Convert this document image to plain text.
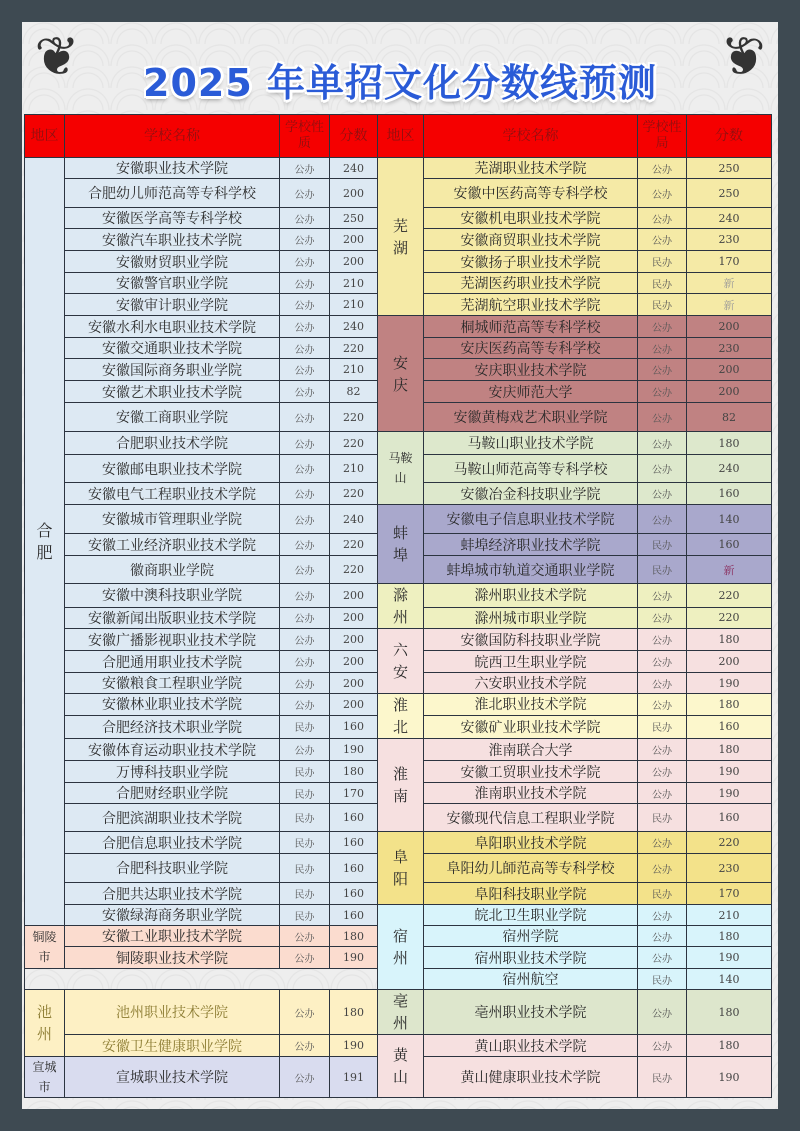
❦	❦
2025 年单招文化分数线预测
地区	学校名称	学校性质	分数	地区	学校名称	学校性局	分数
合肥	安徽职业技术学院	公办	240	芜湖	芜湖职业技术学院	公办	250
	合肥幼儿师范高等专科学校	公办	200		安徽中医药高等专科学校	公办	250
	安徽医学高等专科学校	公办	250		安徽机电职业技术学院	公办	240
	安徽汽车职业技术学院	公办	200		安徽商贸职业技术学院	公办	230
	安徽财贸职业学院	公办	200		安徽扬子职业技术学院	民办	170
	安徽警官职业学院	公办	210		芜湖医药职业技术学院	民办	新
	安徽审计职业学院	公办	210		芜湖航空职业技术学院	民办	新
	安徽水利水电职业技术学院	公办	240	安庆	桐城师范高等专科学校	公办	200
	安徽交通职业技术学院	公办	220		安庆医药高等专科学校	公办	230
	安徽国际商务职业学院	公办	210		安庆职业技术学院	公办	200
	安徽艺术职业技术学院	公办	82		安庆师范大学	公办	200
	安徽工商职业学院	公办	220		安徽黄梅戏艺术职业学院	公办	82
	合肥职业技术学院	公办	220	马鞍山	马鞍山职业技术学院	公办	180
	安徽邮电职业技术学院	公办	210		马鞍山师范高等专科学校	公办	240
	安徽电气工程职业技术学院	公办	220		安徽冶金科技职业学院	公办	160
	安徽城市管理职业学院	公办	240	蚌埠	安徽电子信息职业技术学院	公办	140
	安徽工业经济职业技术学院	公办	220		蚌埠经济职业技术学院	民办	160
	徽商职业学院	公办	220		蚌埠城市轨道交通职业学院	民办	新
	安徽中澳科技职业学院	公办	200	滁州	滁州职业技术学院	公办	220
	安徽新闻出版职业技术学院	公办	200		滁州城市职业学院	公办	220
	安徽广播影视职业技术学院	公办	200	六安	安徽国防科技职业学院	公办	180
	合肥通用职业技术学院	公办	200		皖西卫生职业学院	公办	200
	安徽粮食工程职业学院	公办	200		六安职业技术学院	公办	190
	安徽林业职业技术学院	公办	200	淮北	淮北职业技术学院	公办	180
	合肥经济技术职业学院	民办	160		安徽矿业职业技术学院	民办	160
	安徽体育运动职业技术学院	公办	190	淮南	淮南联合大学	公办	180
	万博科技职业学院	民办	180		安徽工贸职业技术学院	公办	190
	合肥财经职业学院	民办	170		淮南职业技术学院	公办	190
	合肥滨湖职业技术学院	民办	160		安徽现代信息工程职业学院	民办	160
	合肥信息职业技术学院	民办	160	阜阳	阜阳职业技术学院	公办	220
	合肥科技职业学院	民办	160		阜阳幼儿師范高等专科学校	公办	230
	合肥共达职业技术学院	民办	160		阜阳科技职业学院	民办	170
	安徽绿海商务职业学院	民办	160	宿州	皖北卫生职业学院	公办	210
铜陵市	安徽工业职业技术学院	公办	180		宿州学院	公办	180
	铜陵职业技术学院	公办	190		宿州职业技术学院	公办	190
					宿州航空	民办	140
池州	池州职业技术学院	公办	180	亳州	亳州职业技术学院	公办	180
	安徽卫生健康职业学院	公办	190	黄山	黄山职业技术学院	公办	180
宣城市	宣城职业技术学院	公办	191		黄山健康职业技术学院	民办	190
